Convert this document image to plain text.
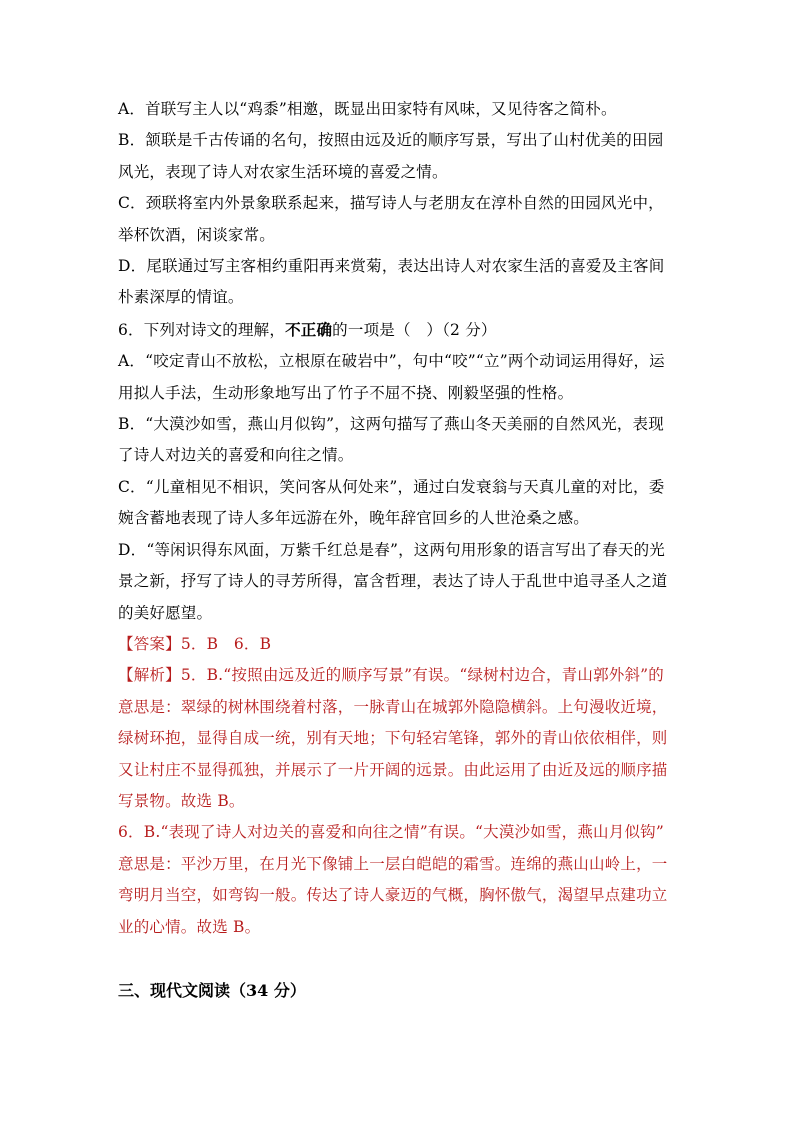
A．首联写主人以“鸡黍”相邀，既显出田家特有风味，又见待客之简朴。
B．颔联是千古传诵的名句，按照由远及近的顺序写景，写出了山村优美的田园
风光，表现了诗人对农家生活环境的喜爱之情。
C．颈联将室内外景象联系起来，描写诗人与老朋友在淳朴自然的田园风光中，
举杯饮酒，闲谈家常。
D．尾联通过写主客相约重阳再来赏菊，表达出诗人对农家生活的喜爱及主客间
朴素深厚的情谊。
6．下列对诗文的理解，不正确的一项是（　）（2 分）
A．“咬定青山不放松，立根原在破岩中”，句中“咬”“立”两个动词运用得好，运
用拟人手法，生动形象地写出了竹子不屈不挠、刚毅坚强的性格。
B．“大漠沙如雪，燕山月似钩”，这两句描写了燕山冬天美丽的自然风光，表现
了诗人对边关的喜爱和向往之情。
C．“儿童相见不相识，笑问客从何处来”，通过白发衰翁与天真儿童的对比，委
婉含蓄地表现了诗人多年远游在外，晚年辞官回乡的人世沧桑之感。
D．“等闲识得东风面，万紫千红总是春”，这两句用形象的语言写出了春天的光
景之新，抒写了诗人的寻芳所得，富含哲理，表达了诗人于乱世中追寻圣人之道
的美好愿望。
【答案】5．B　6．B
【解析】5．B.“按照由远及近的顺序写景”有误。“绿树村边合，青山郭外斜”的
意思是：翠绿的树林围绕着村落，一脉青山在城郭外隐隐横斜。上句漫收近境，
绿树环抱，显得自成一统，别有天地；下句轻宕笔锋，郭外的青山依依相伴，则
又让村庄不显得孤独，并展示了一片开阔的远景。由此运用了由近及远的顺序描
写景物。故选 B。
6．B.“表现了诗人对边关的喜爱和向往之情”有误。“大漠沙如雪，燕山月似钩”
意思是：平沙万里，在月光下像铺上一层白皑皑的霜雪。连绵的燕山山岭上，一
弯明月当空，如弯钩一般。传达了诗人豪迈的气概，胸怀傲气，渴望早点建功立
业的心情。故选 B。
三、现代文阅读（34 分）
